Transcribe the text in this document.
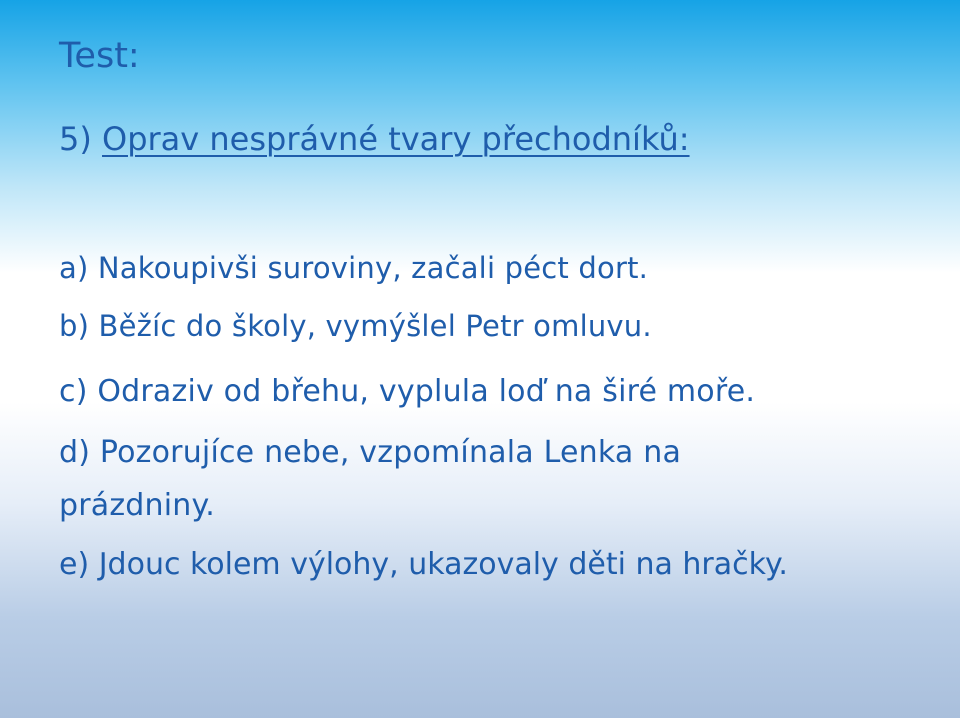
Test:
5) Oprav nesprávné tvary přechodníků:
a) Nakoupivši suroviny, začali péct dort.
b) Běžíc do školy, vymýšlel Petr omluvu.
c) Odraziv od břehu, vyplula loď na širé moře.
d) Pozorujíce nebe, vzpomínala Lenka na
prázdniny.
e) Jdouc kolem výlohy, ukazovaly děti na hračky.
